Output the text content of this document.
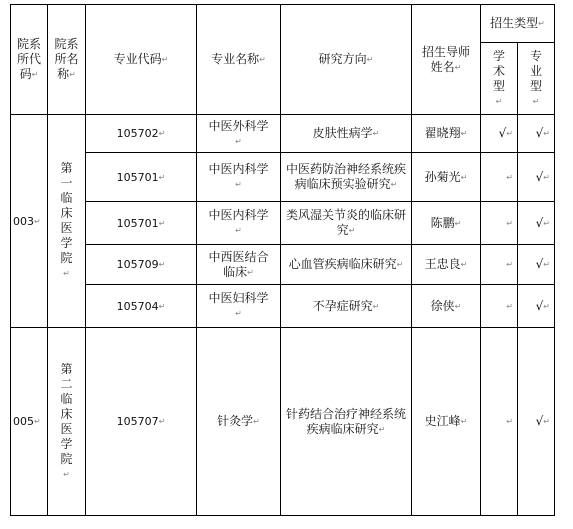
院系所代码↵	院系所名称↵	专业代码↵	专业名称↵	研究方向↵	招生导师姓名↵	招生类型↵	
						学术型↵	专业型↵
003↵	第一临床医学院↵	105702↵	中医外科学↵	皮肤性病学↵	翟晓翔↵	√↵	√↵
		105701↵	中医内科学↵	中医药防治神经系统疾病临床预实验研究↵	孙菊光↵	↵	√↵
		105701↵	中医内科学↵	类风湿关节炎的临床研究↵	陈鹏↵	↵	√↵
		105709↵	中西医结合临床↵	心血管疾病临床研究↵	王忠良↵	↵	√↵
		105704↵	中医妇科学↵	不孕症研究↵	徐侠↵	↵	√↵
005↵	第二临床医学院↵	105707↵	针灸学↵	针药结合治疗神经系统疾病临床研究↵	史江峰↵	↵	√↵
